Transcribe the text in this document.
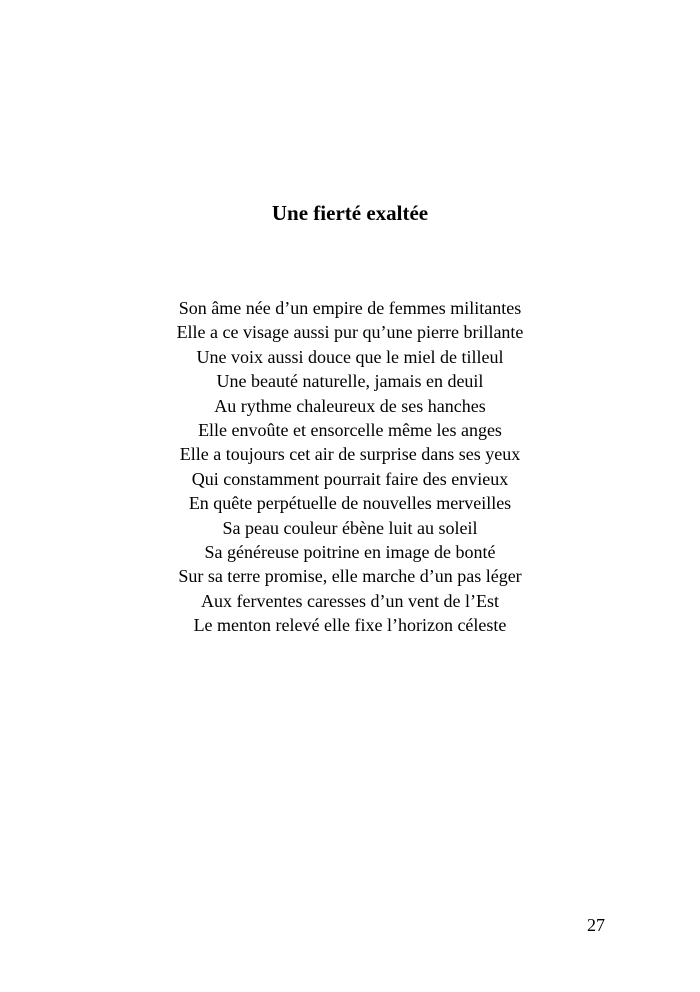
Une fierté exaltée
Son âme née d’un empire de femmes militantes
Elle a ce visage aussi pur qu’une pierre brillante
Une voix aussi douce que le miel de tilleul
Une beauté naturelle, jamais en deuil
Au rythme chaleureux de ses hanches
Elle envoûte et ensorcelle même les anges
Elle a toujours cet air de surprise dans ses yeux
Qui constamment pourrait faire des envieux
En quête perpétuelle de nouvelles merveilles
Sa peau couleur ébène luit au soleil
Sa généreuse poitrine en image de bonté
Sur sa terre promise, elle marche d’un pas léger
Aux ferventes caresses d’un vent de l’Est
Le menton relevé elle fixe l’horizon céleste
27
